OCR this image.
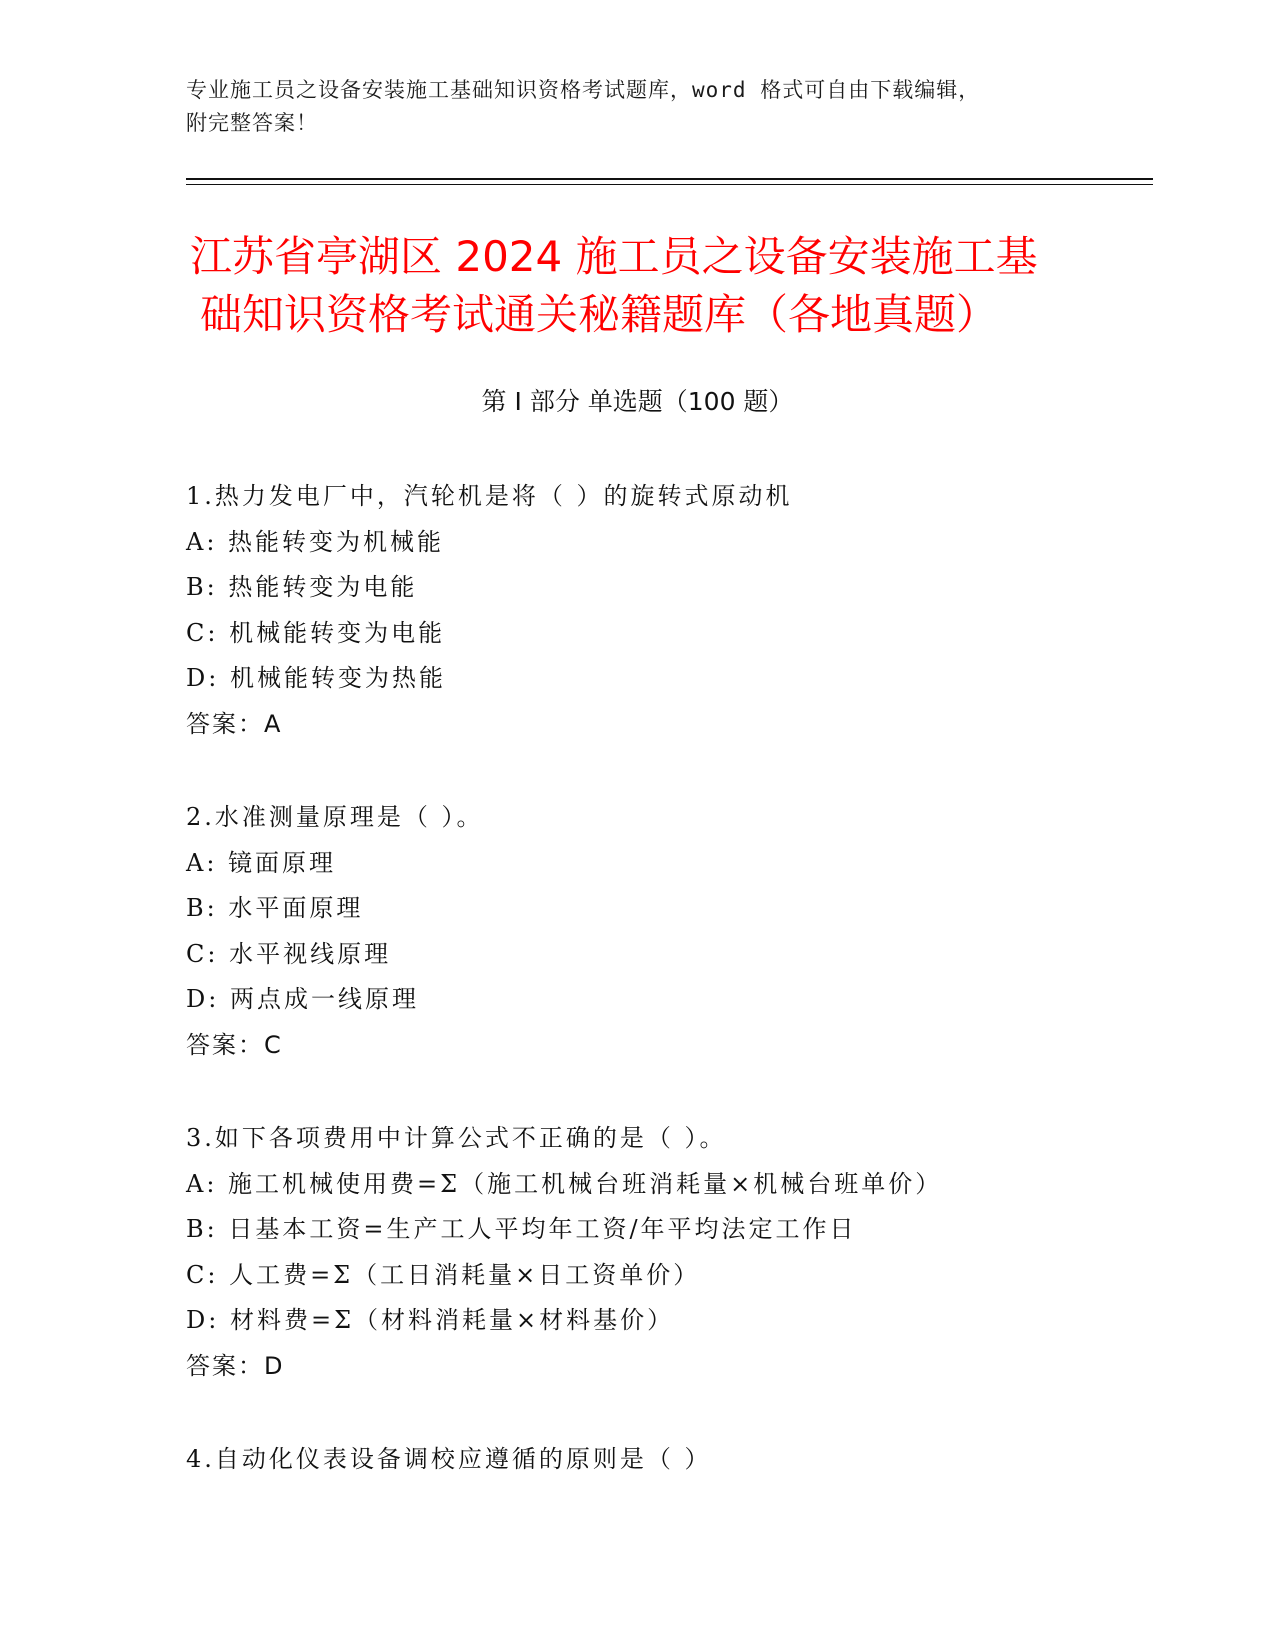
专业施工员之设备安装施工基础知识资格考试题库，word 格式可自由下载编辑，
附完整答案！
江苏省亭湖区 2024 施工员之设备安装施工基
础知识资格考试通关秘籍题库（各地真题）
第 I 部分 单选题（100 题）
1.热力发电厂中，汽轮机是将（ ）的旋转式原动机
A: 热能转变为机械能
B: 热能转变为电能
C: 机械能转变为电能
D: 机械能转变为热能
答案：A
2.水准测量原理是（ ）。
A: 镜面原理
B: 水平面原理
C: 水平视线原理
D: 两点成一线原理
答案：C
3.如下各项费用中计算公式不正确的是（ ）。
A: 施工机械使用费=Σ（施工机械台班消耗量×机械台班单价）
B: 日基本工资=生产工人平均年工资/年平均法定工作日
C: 人工费=Σ（工日消耗量×日工资单价）
D: 材料费=Σ（材料消耗量×材料基价）
答案：D
4.自动化仪表设备调校应遵循的原则是（ ）
